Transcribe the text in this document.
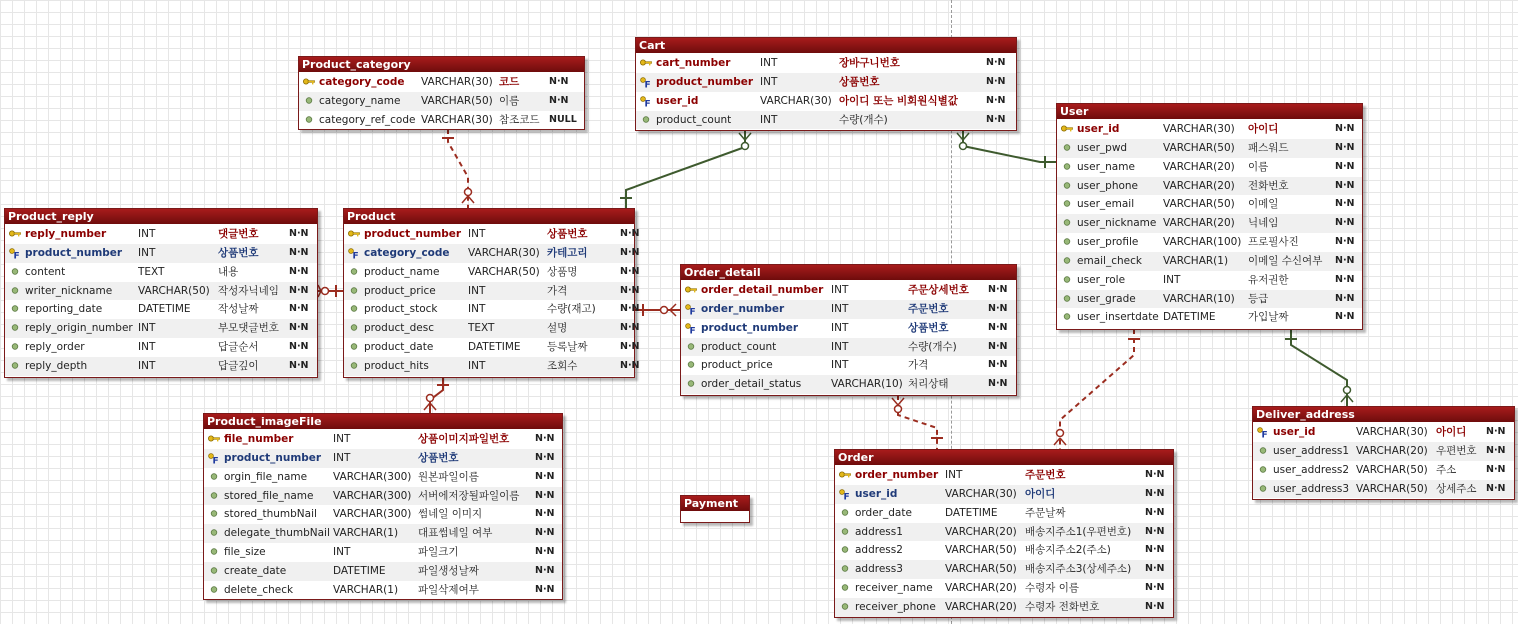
Product_category
category_code	VARCHAR(30) 코드	N·N
category_name	VARCHAR(50) 이름	N·N
category_ref_code VARCHAR(30) 참조코드 NULL
Cart
cart_number	INT	장바구니번호	N·N
F product_number INT	상품번호	N·N
F user_id	VARCHAR(30) 아이디 또는 비회원식별값	N·N
product_count	INT	수량(개수)	N·N
User
user_id	VARCHAR(30)	아이디	N·N
user_pwd	VARCHAR(50)	패스워드	N·N
user_name	VARCHAR(20)	이름	N·N
user_phone	VARCHAR(20)	전화번호	N·N
user_email	VARCHAR(50)	이메일	N·N
user_nickname VARCHAR(20)	닉네임	N·N
user_profile	VARCHAR(100) 프로필사진	N·N
email_check	VARCHAR(1)	이메일 수신여부	N·N
user_role	INT	유저권한	N·N
user_grade	VARCHAR(10)	등급	N·N
user_insertdate DATETIME	가입날짜	N·N
Product_reply
reply_number	INT	댓글번호	N·N
F product_number	INT	상품번호	N·N
content	TEXT	내용	N·N
writer_nickname	VARCHAR(50) 작성자닉네임	N·N
reporting_date	DATETIME	작성날짜	N·N
reply_origin_number INT	부모댓글번호	N·N
reply_order	INT	답글순서	N·N
reply_depth	INT	답글깊이	N·N
Product
product_number INT	상품번호	N·N
F category_code	VARCHAR(30) 카테고리	N·N
product_name	VARCHAR(50) 상품명	N·N
product_price	INT	가격	N·N
product_stock	INT	수량(재고)	N·N
product_desc	TEXT	설명	N·N
product_date	DATETIME	등록날짜	N·N
product_hits	INT	조회수	N·N
Order_detail
order_detail_number INT	주문상세번호	N·N
F order_number	INT	주문번호	N·N
F product_number	INT	상품번호	N·N
product_count	INT	수량(개수)	N·N
product_price	INT	가격	N·N
order_detail_status	VARCHAR(10) 처리상태	N·N
Product_imageFile
file_number	INT	상품이미지파일번호	N·N
F product_number	INT	상품번호	N·N
orgin_file_name	VARCHAR(300) 원본파일이름	N·N
stored_file_name	VARCHAR(300) 서버에저장될파일이름	N·N
stored_thumbNail	VARCHAR(300) 썸네일 이미지	N·N
delegate_thumbNail VARCHAR(1)	대표썸네일 여부	N·N
file_size	INT	파일크기	N·N
create_date	DATETIME	파일생성날짜	N·N
delete_check	VARCHAR(1)	파일삭제여부	N·N
Payment
Order
order_number INT	주문번호	N·N
F user_id	VARCHAR(30) 아이디	N·N
order_date	DATETIME	주문날짜	N·N
address1	VARCHAR(20) 배송지주소1(우편번호)	N·N
address2	VARCHAR(50) 배송지주소2(주소)	N·N
address3	VARCHAR(50) 배송지주소3(상세주소)	N·N
receiver_name	VARCHAR(20) 수령자 이름	N·N
receiver_phone VARCHAR(20) 수령자 전화번호	N·N
Deliver_address
F user_id	VARCHAR(30) 아이디	N·N
user_address1 VARCHAR(20) 우편번호 N·N
user_address2 VARCHAR(50) 주소	N·N
user_address3 VARCHAR(50) 상세주소 N·N
